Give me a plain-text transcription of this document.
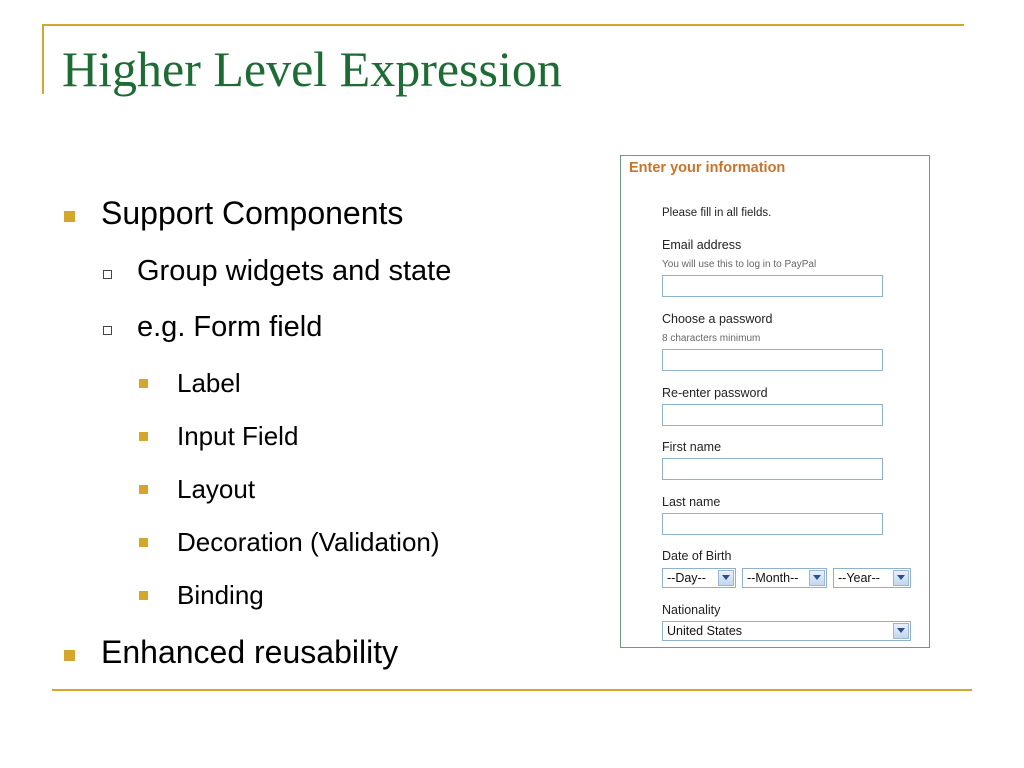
Higher Level Expression
Support Components
Group widgets and state
e.g. Form field
Label
Input Field
Layout
Decoration (Validation)
Binding
Enhanced reusability
Enter your information
Please fill in all fields.
Email address
You will use this to log in to PayPal
Choose a password
8 characters minimum
Re-enter password
First name
Last name
Date of Birth
--Day--	--Month--	--Year--
Nationality
United States
